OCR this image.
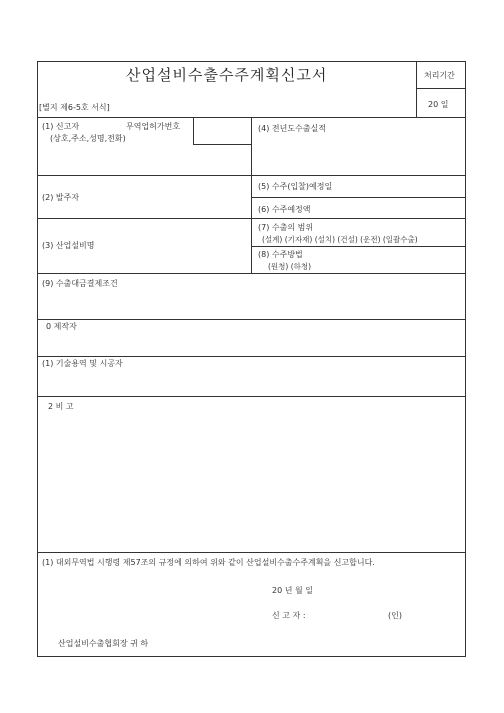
산업설비수출수주계획신고서
[별지 제6-5호 서식]
처리기간
20 일
(1) 신고자	무역업허가번호
(상호,주소,성명,전화)
(4) 전년도수출실적
(2) 발주자
(5) 수주(입찰)예정일
(6) 수주예정액
(3) 산업설비명
(7) 수출의 범위
(설계) (기자재) (설치) (건설) (운전) (일괄수출)
(8) 수주방법
(원청) (하청)
(9) 수출대금결제조건
0 제작자
(1) 기술용역 및 시공자
2 비 고
(1) 대외무역법 시행령 제57조의 규정에 의하여 위와 같이 산업설비수출수주계획을 신고합니다.
20 년 월 일
신 고 자 :	(인)
산업설비수출협회장 귀 하
